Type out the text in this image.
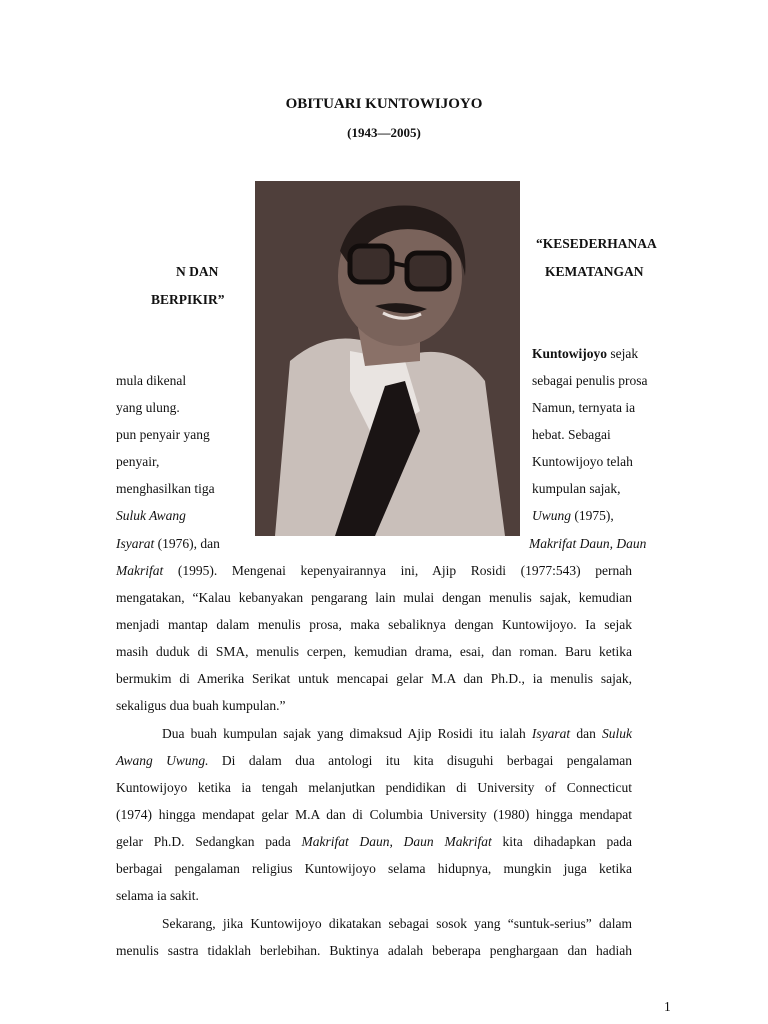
OBITUARI KUNTOWIJOYO
(1943—2005)
“KESEDERHANAA
N DAN	KEMATANGAN
BERPIKIR”
Kuntowijoyo sejak
mula dikenal	sebagai penulis prosa
yang ulung.	Namun, ternyata ia
pun penyair yang	hebat. Sebagai
penyair,	Kuntowijoyo telah
menghasilkan tiga	kumpulan sajak,
Suluk Awang	Uwung (1975),
Isyarat (1976), dan	Makrifat Daun, Daun
Makrifat (1995). Mengenai kepenyairannya ini, Ajip Rosidi (1977:543) pernah
mengatakan, “Kalau kebanyakan pengarang lain mulai dengan menulis sajak, kemudian
menjadi mantap dalam menulis prosa, maka sebaliknya dengan Kuntowijoyo. Ia sejak
masih duduk di SMA, menulis cerpen, kemudian drama, esai, dan roman. Baru ketika
bermukim di Amerika Serikat untuk mencapai gelar M.A dan Ph.D., ia menulis sajak,
sekaligus dua buah kumpulan.”
Dua buah kumpulan sajak yang dimaksud Ajip Rosidi itu ialah Isyarat dan Suluk
Awang Uwung. Di dalam dua antologi itu kita disuguhi berbagai pengalaman
Kuntowijoyo ketika ia tengah melanjutkan pendidikan di University of Connecticut
(1974) hingga mendapat gelar M.A dan di Columbia University (1980) hingga mendapat
gelar Ph.D. Sedangkan pada Makrifat Daun, Daun Makrifat kita dihadapkan pada
berbagai pengalaman religius Kuntowijoyo selama hidupnya, mungkin juga ketika
selama ia sakit.
Sekarang, jika Kuntowijoyo dikatakan sebagai sosok yang “suntuk-serius” dalam
menulis sastra tidaklah berlebihan. Buktinya adalah beberapa penghargaan dan hadiah
1
